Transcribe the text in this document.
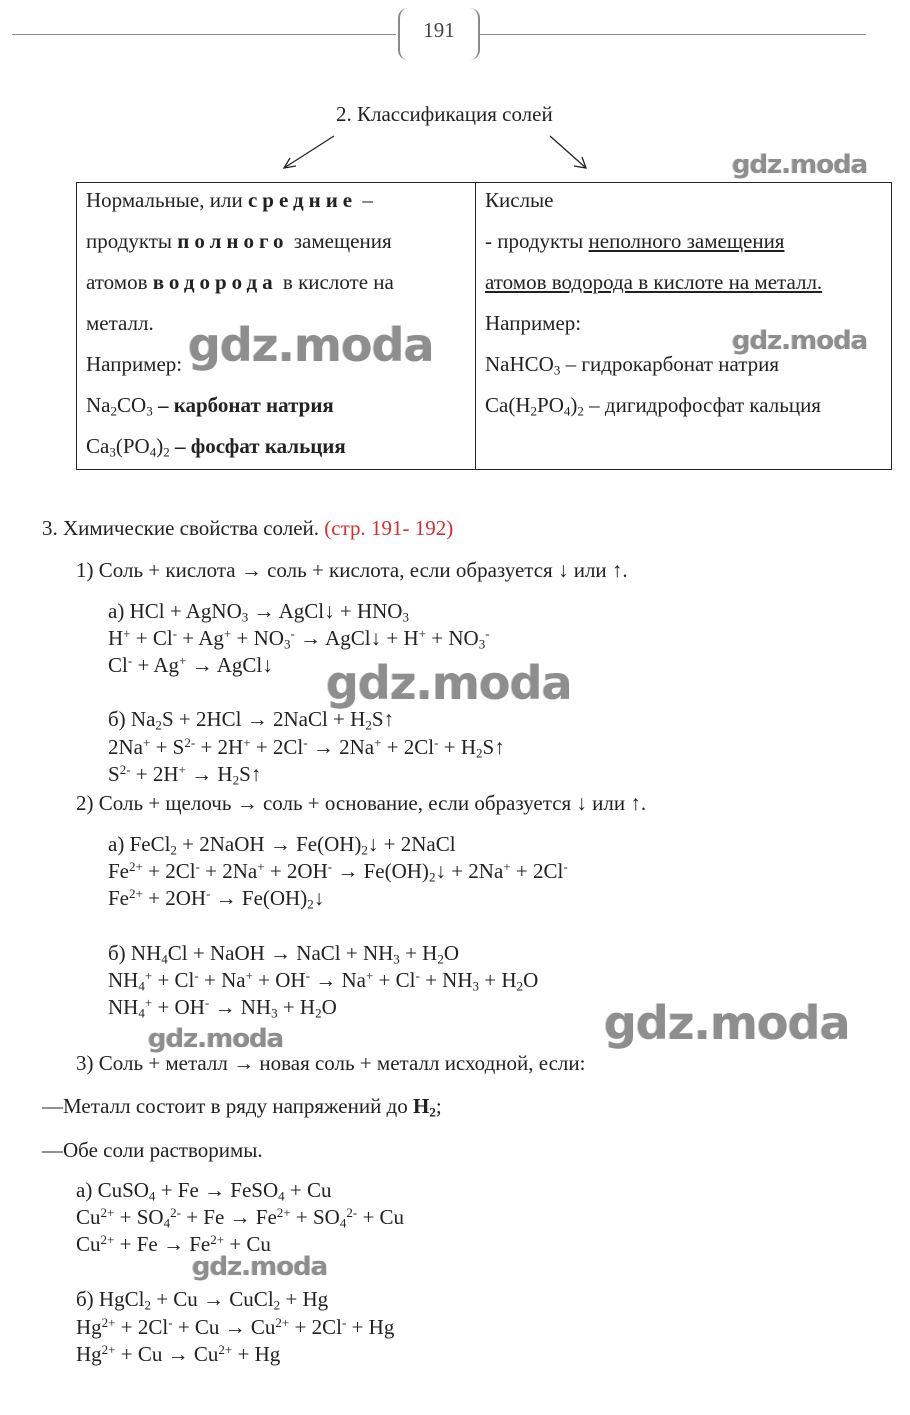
191
2. Классификация солей
Нормальные, или средние –
продукты полного замещения
атомов водорода в кислоте на
металл.
Например:
$Na_2CO_3$ – карбонат натрия
$Ca_3(PO_4)_2$ – фосфат кальция
Кислые
- продукты неполного замещения
атомов водорода в кислоте на металл.
Например:
NaHCO$_3$ – гидрокарбонат натрия
$Ca(H_2PO_4)_2$ – дигидрофосфат кальция
3. Химические свойства солей. (стр. 191- 192)
1) Соль + кислота → соль + кислота, если образуется ↓ или ↑.
а) HCl + AgNO$_3$ → AgCl↓ + $HNO_3$
$H^+ + Cl^- + Ag^+ + NO_3^-$ → AgCl↓ + $H^+ + NO_3^-$
Cl- + Ag+ → AgCl↓
б) $Na_2S + 2HCl$ → 2NaCl + $H_2S↑$
$2Na^+ + S^{2-} + 2H^+ + 2Cl^- \to 2Na^+ + 2Cl^-$ + $H_2S↑$
$S^{2-} + 2H^+$ → $H_2S↑$
2) Соль + щелочь → соль + основание, если образуется ↓ или ↑.
а) FeCl$_2$ + 2NaOH → $Fe(OH)_2↓$ + 2NaCl
$Fe^{2+} + 2Cl^- + 2Na^+ + 2OH^-$ → $Fe(OH)_2↓ + 2Na^+ + 2Cl^-$
$Fe^{2+} + 2OH^-$ → $Fe(OH)_2↓$
б) $NH_4Cl$ + NaOH → NaCl + $NH_3 + H_2O$
$NH_4^+ + Cl^- + Na^+ + OH^- \to Na^+ + Cl^- + NH_3 + H_2O$
$NH_4^+ + OH^- \to NH_3 + H_2O$
3) Соль + металл → новая соль + металл исходной, если:
—Металл состоит в ряду напряжений до $H_2$;
—Обе соли растворимы.
а) CuSO$_4$ + Fe → FeSO$_4$ + Cu
$Cu^{2+} + SO_4^{2-} + Fe \to Fe^{2+} + SO_4^{2-} + Cu$
$Cu^{2+} + Fe \to Fe^{2+} + Cu$
б) HgCl$_2$ + Cu → CuCl$_2$ + Hg
$Hg^{2+} + 2Cl^- + Cu \to Cu^{2+} + 2Cl^- + Hg$
$Hg^{2+} + Cu \to Cu^{2+} + Hg$
gdz.moda
gdz.moda	gdz.moda
gdz.moda
gdz.moda
gdz.moda
gdz.moda
